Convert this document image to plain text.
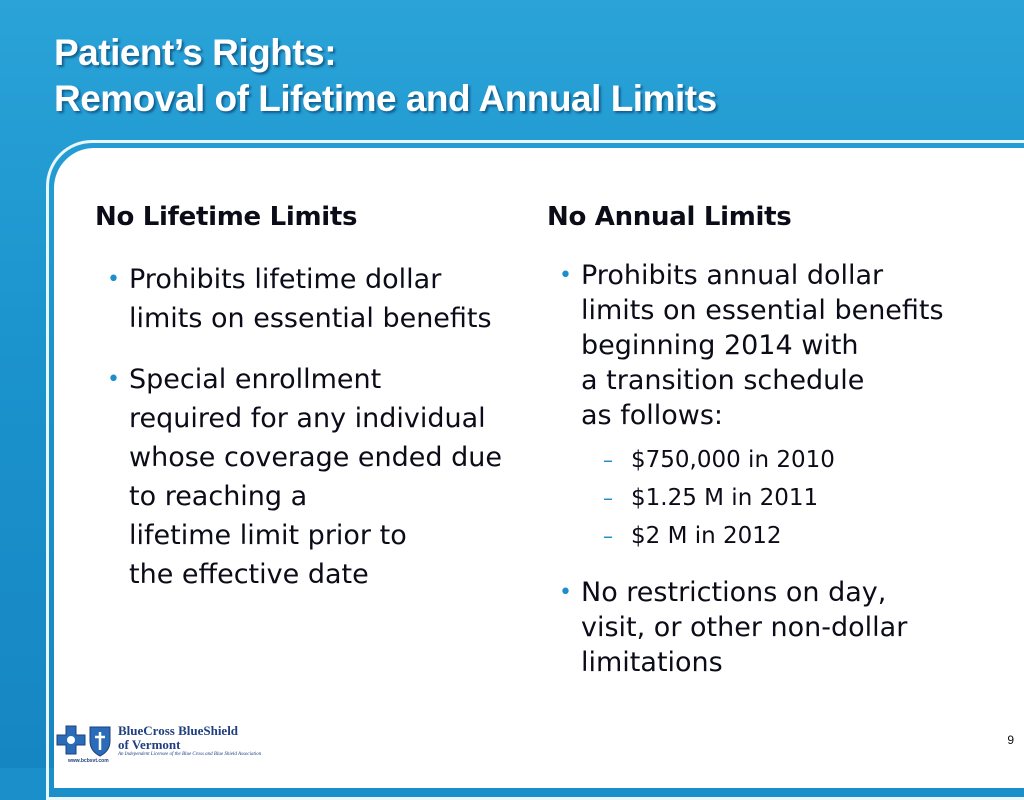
Patient’s Rights:
Removal of Lifetime and Annual Limits
No Lifetime Limits
• Prohibits lifetime dollar
limits on essential benefits
• Special enrollment
required for any individual
whose coverage ended due
to reaching a
lifetime limit prior to
the effective date
No Annual Limits
• Prohibits annual dollar
limits on essential benefits
beginning 2014 with
a transition schedule
as follows:
– $750,000 in 2010
– $1.25 M in 2011
– $2 M in 2012
• No restrictions on day,
visit, or other non-dollar
limitations
BlueCross BlueShield
of Vermont
An Independent Licensee of the Blue Cross and Blue Shield Association
www.bcbsvt.com
9
